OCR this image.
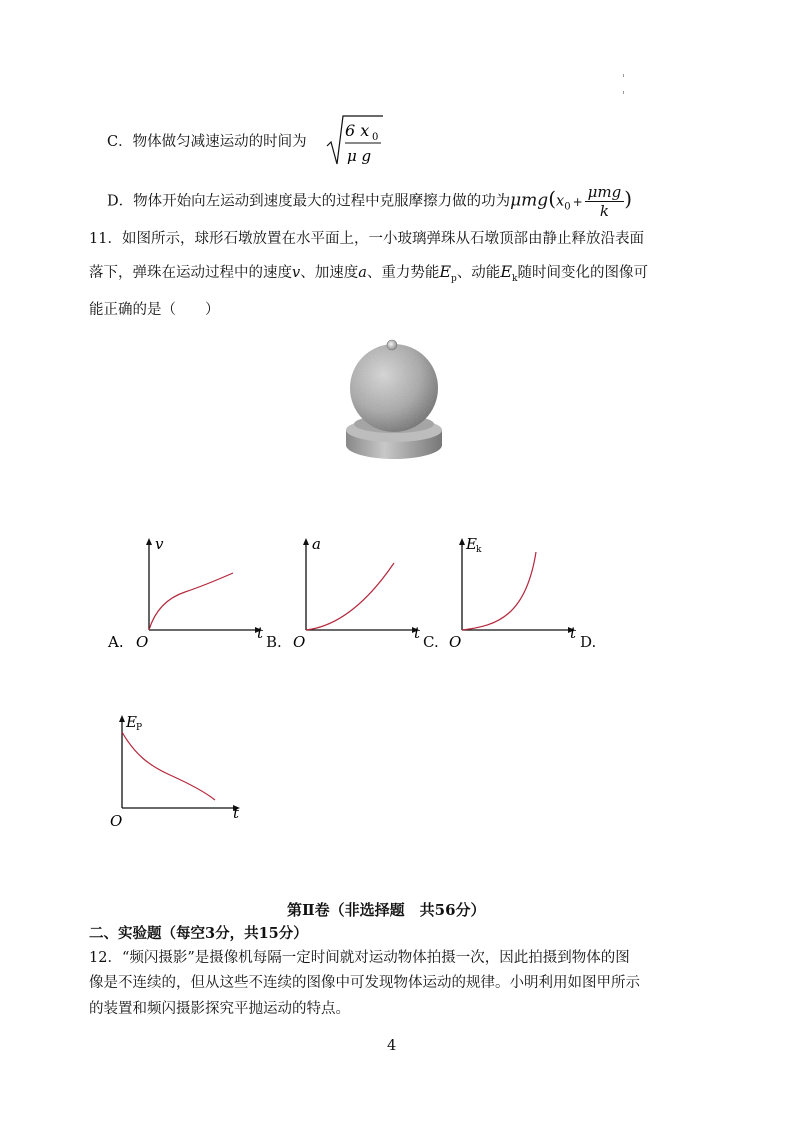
C．物体做匀减速运动的时间为
6 x 0
μ g
D．物体开始向左运动到速度最大的过程中克服摩擦力做的功为$\mu mg(x_0 + \frac{\text{μmg}}{k}$ )
11．如图所示，球形石墩放置在水平面上，一小玻璃弹珠从石墩顶部由静止释放沿表面
落下，弹珠在运动过程中的速度v、加速度a、重力势能$E_p$、动能$E_k$随时间变化的图像可
能正确的是（　　）
v
O	t
A.
a
O	t
B.
E k
O	t
C.	D.
E P
O	t
第Ⅱ卷（非选择题　共56分）
二、实验题（每空3分，共15分）
12．“频闪摄影”是摄像机每隔一定时间就对运动物体拍摄一次，因此拍摄到物体的图
像是不连续的，但从这些不连续的图像中可发现物体运动的规律。小明利用如图甲所示
的装置和频闪摄影探究平抛运动的特点。
4
